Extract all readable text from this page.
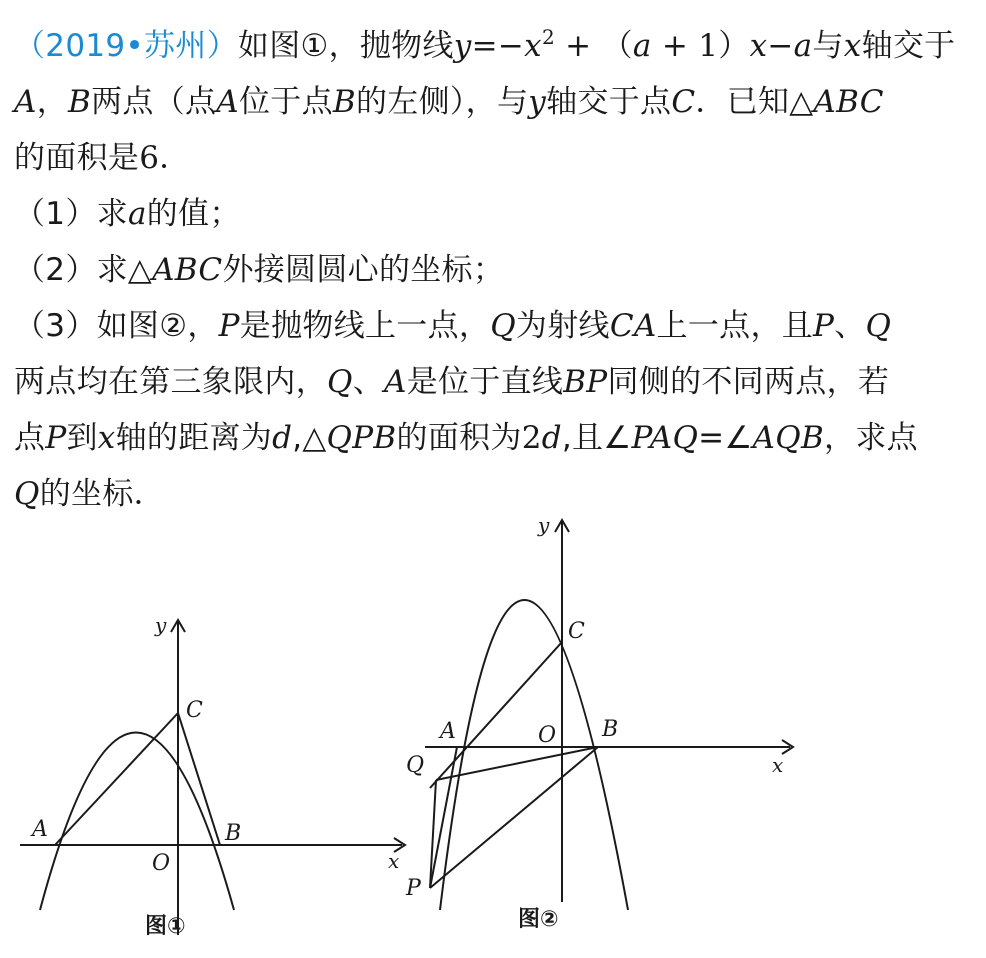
（2019•苏州）如图①，抛物线$y=-x^2 + (a + 1)x-a$与x轴交于
A，B两点（点A位于点B的左侧），与y轴交于点C．已知△ABC
的面积是6．
（1）求a的值；
（2）求△ABC外接圆圆心的坐标；
（3）如图②，P是抛物线上一点，Q为射线CA上一点，且P、Q
两点均在第三象限内，Q、A是位于直线BP同侧的不同两点，若
点P到x轴的距离为d,△QPB的面积为2d,且∠PAQ=∠AQB，求点
Q的坐标．
y
x
A	B
C
O
图①
y
x
A	B
C
O
Q
P
图②
